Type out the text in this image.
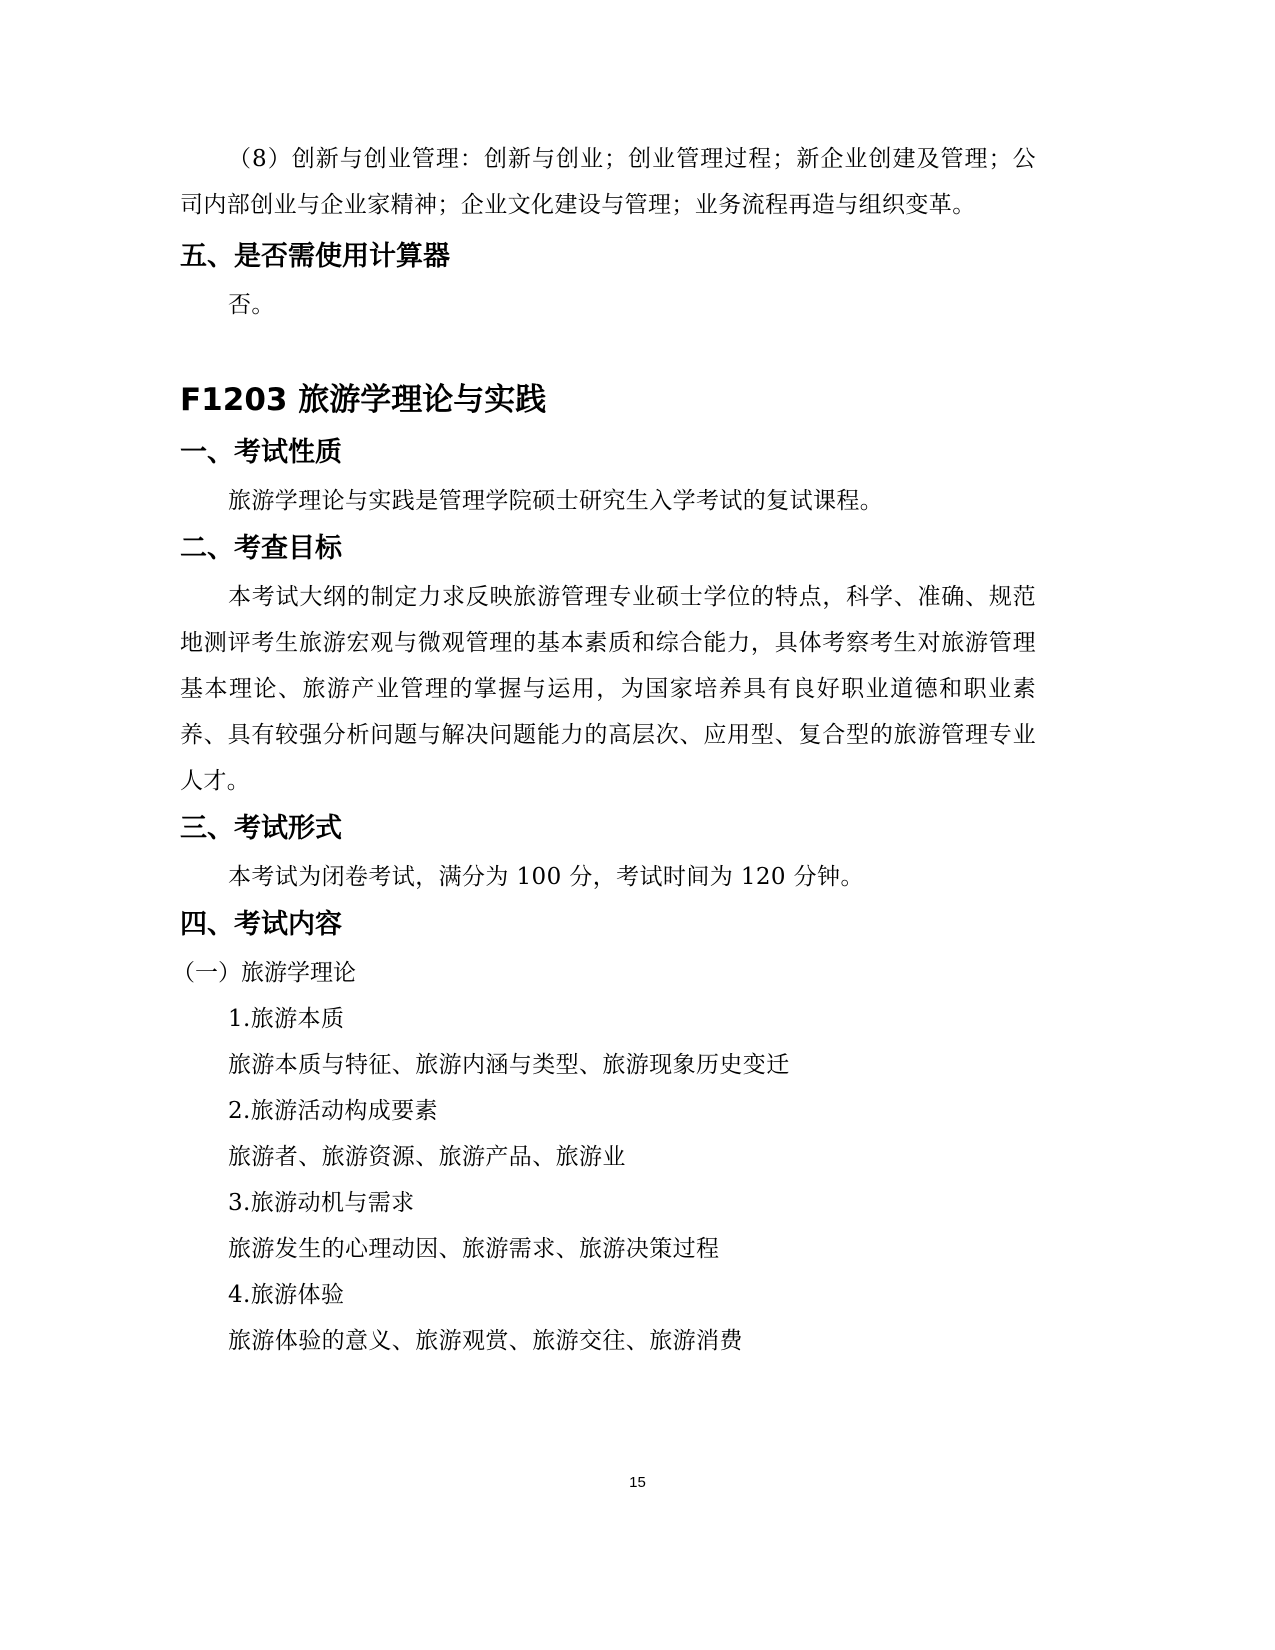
（8）创新与创业管理：创新与创业；创业管理过程；新企业创建及管理；公司内部创业与企业家精神；企业文化建设与管理；业务流程再造与组织变革。

五、是否需使用计算器

否。

F1203 旅游学理论与实践
一、考试性质

旅游学理论与实践是管理学院硕士研究生入学考试的复试课程。

二、考查目标

本考试大纲的制定力求反映旅游管理专业硕士学位的特点，科学、准确、规范地测评考生旅游宏观与微观管理的基本素质和综合能力，具体考察考生对旅游管理基本理论、旅游产业管理的掌握与运用，为国家培养具有良好职业道德和职业素养、具有较强分析问题与解决问题能力的高层次、应用型、复合型的旅游管理专业人才。

三、考试形式

本考试为闭卷考试，满分为 100 分，考试时间为 120 分钟。

四、考试内容

（一）旅游学理论

1.旅游本质

旅游本质与特征、旅游内涵与类型、旅游现象历史变迁

2.旅游活动构成要素

旅游者、旅游资源、旅游产品、旅游业

3.旅游动机与需求

旅游发生的心理动因、旅游需求、旅游决策过程

4.旅游体验

旅游体验的意义、旅游观赏、旅游交往、旅游消费

15
